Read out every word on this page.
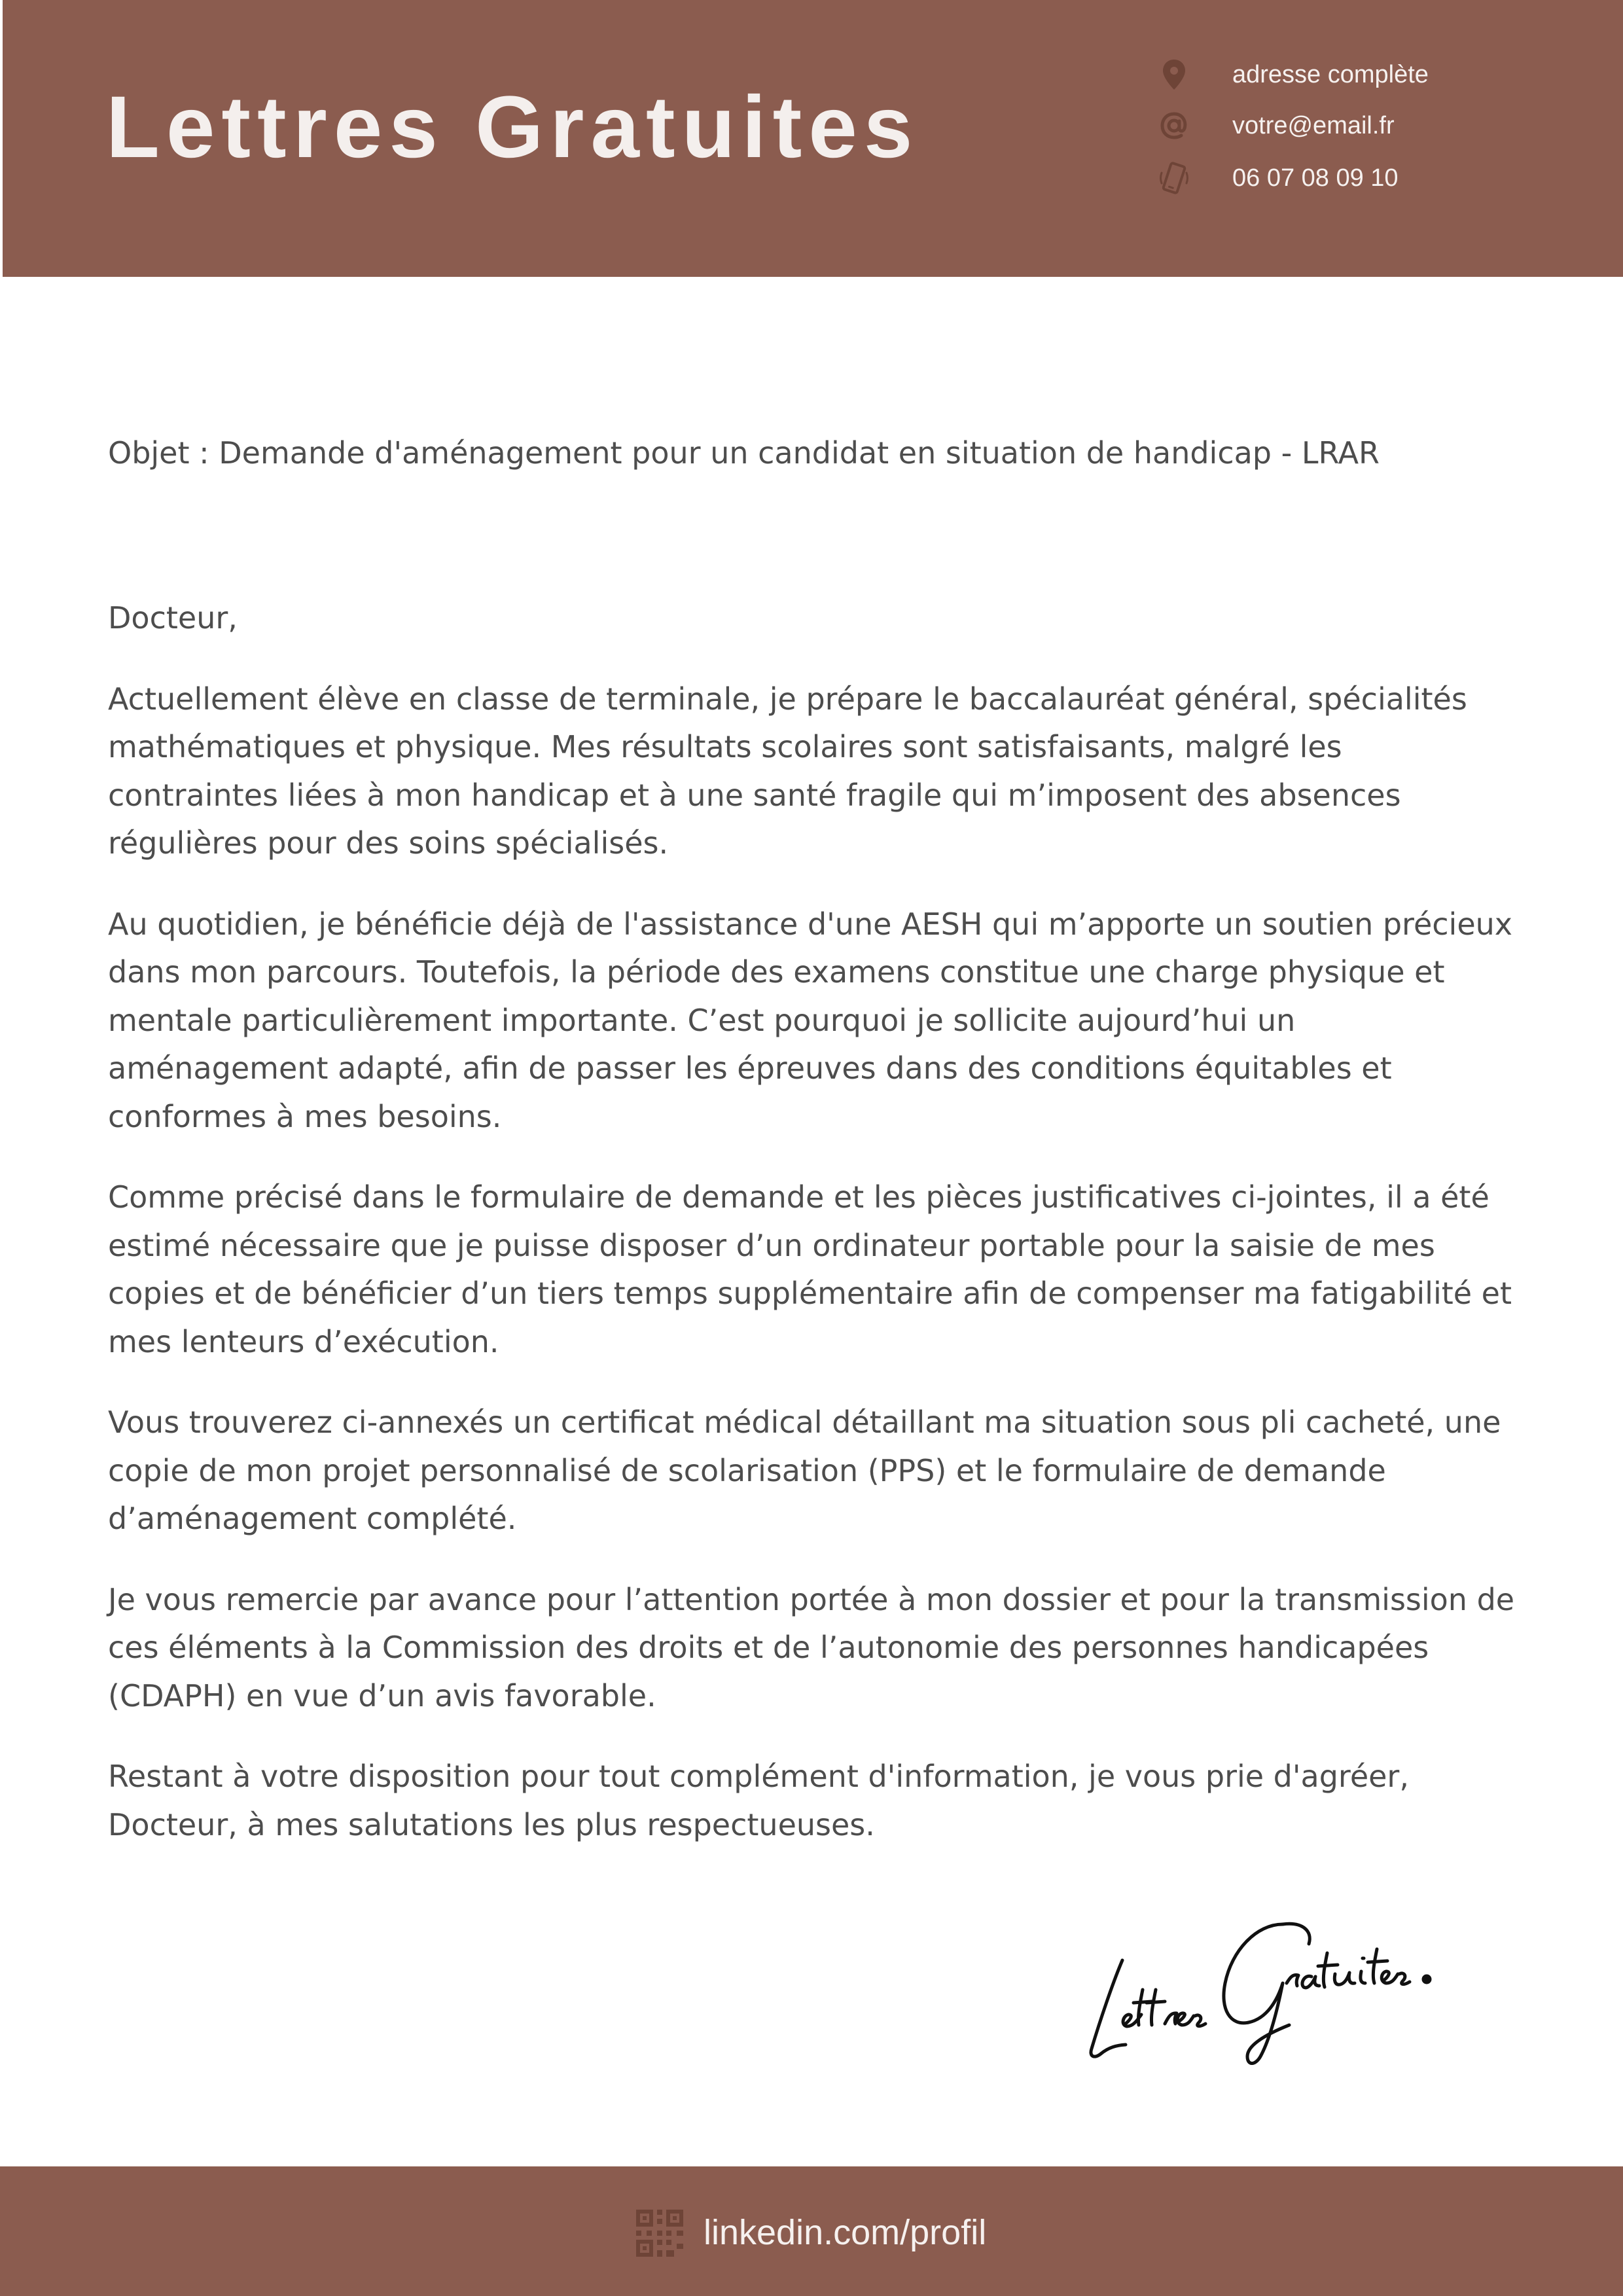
Lettres Gratuites
adresse complète
votre@email.fr
06 07 08 09 10

Objet : Demande d'aménagement pour un candidat en situation de handicap - LRAR

Docteur,

Actuellement élève en classe de terminale, je prépare le baccalauréat général, spécialités mathématiques et physique. Mes résultats scolaires sont satisfaisants, malgré les contraintes liées à mon handicap et à une santé fragile qui m’imposent des absences régulières pour des soins spécialisés.

Au quotidien, je bénéficie déjà de l'assistance d'une AESH qui m’apporte un soutien précieux dans mon parcours. Toutefois, la période des examens constitue une charge physique et mentale particulièrement importante. C’est pourquoi je sollicite aujourd’hui un aménagement adapté, afin de passer les épreuves dans des conditions équitables et conformes à mes besoins.

Comme précisé dans le formulaire de demande et les pièces justificatives ci-jointes, il a été estimé nécessaire que je puisse disposer d’un ordinateur portable pour la saisie de mes copies et de bénéficier d’un tiers temps supplémentaire afin de compenser ma fatigabilité et mes lenteurs d’exécution.

Vous trouverez ci-annexés un certificat médical détaillant ma situation sous pli cacheté, une copie de mon projet personnalisé de scolarisation (PPS) et le formulaire de demande d’aménagement complété.

Je vous remercie par avance pour l’attention portée à mon dossier et pour la transmission de ces éléments à la Commission des droits et de l’autonomie des personnes handicapées (CDAPH) en vue d’un avis favorable.

Restant à votre disposition pour tout complément d'information, je vous prie d'agréer, Docteur, à mes salutations les plus respectueuses.

linkedin.com/profil
